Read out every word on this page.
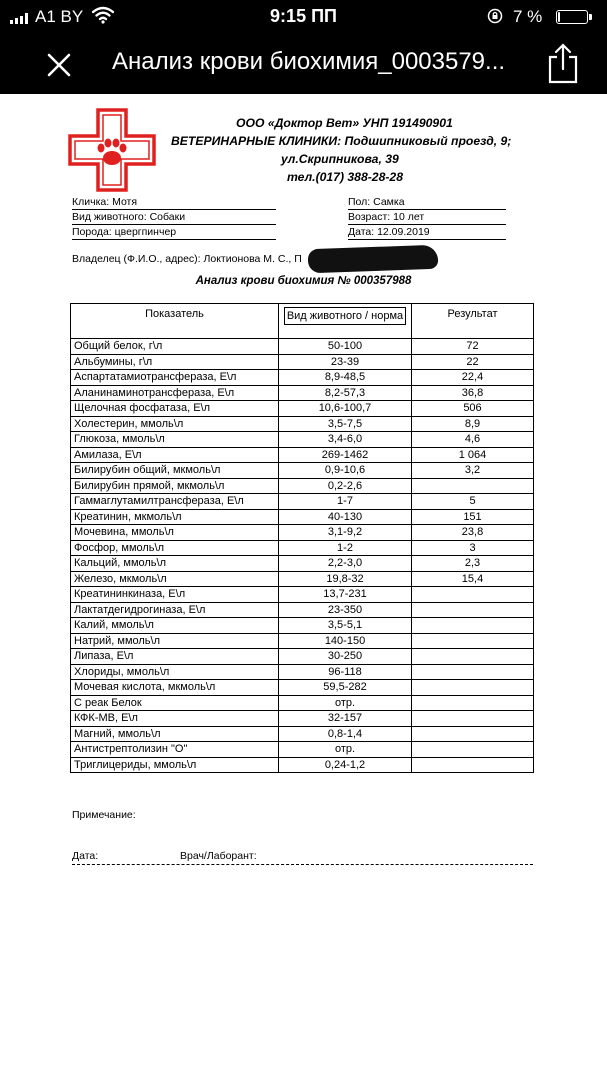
A1 BY	9:15 ПП	7 %
Анализ крови биохимия_0003579...
ООО «Доктор Вет» УНП 191490901
ВЕТЕРИНАРНЫЕ КЛИНИКИ: Подшипниковый проезд, 9;
ул.Скрипникова, 39
тел.(017) 388-28-28
Кличка: Мотя
Вид животного: Собаки
Порода: цвергпинчер
Пол: Самка
Возраст: 10 лет
Дата: 12.09.2019
Владелец (Ф.И.О., адрес): Локтионова М. С., П
Анализ крови биохимия № 000357988
Показатель	Вид животного / норма	Результат
Общий белок, г\л	50-100	72
Альбумины, г\л	23-39	22
Аспартатамиотрансфераза, Е\л	8,9-48,5	22,4
Аланинаминотрансфераза, Е\л	8,2-57,3	36,8
Щелочная фосфатаза, Е\л	10,6-100,7	506
Холестерин, ммоль\л	3,5-7,5	8,9
Глюкоза, ммоль\л	3,4-6,0	4,6
Амилаза, Е\л	269-1462	1 064
Билирубин общий, мкмоль\л	0,9-10,6	3,2
Билирубин прямой, мкмоль\л	0,2-2,6	
Гаммаглутамилтрансфераза, Е\л	1-7	5
Креатинин, мкмоль\л	40-130	151
Мочевина, ммоль\л	3,1-9,2	23,8
Фосфор, ммоль\л	1-2	3
Кальций, ммоль\л	2,2-3,0	2,3
Железо, мкмоль\л	19,8-32	15,4
Креатининкиназа, Е\л	13,7-231	
Лактатдегидрогиназа, Е\л	23-350	
Калий, ммоль\л	3,5-5,1	
Натрий, ммоль\л	140-150	
Липаза, Е\л	30-250	
Хлориды, ммоль\л	96-118	
Мочевая кислота, мкмоль\л	59,5-282	
С реак Белок	отр.	
КФК-МВ, Е\л	32-157	
Магний, ммоль\л	0,8-1,4	
Антистрептолизин "О"	отр.	
Триглицериды, ммоль\л	0,24-1,2	
Примечание:
Дата:	Врач/Лаборант:
